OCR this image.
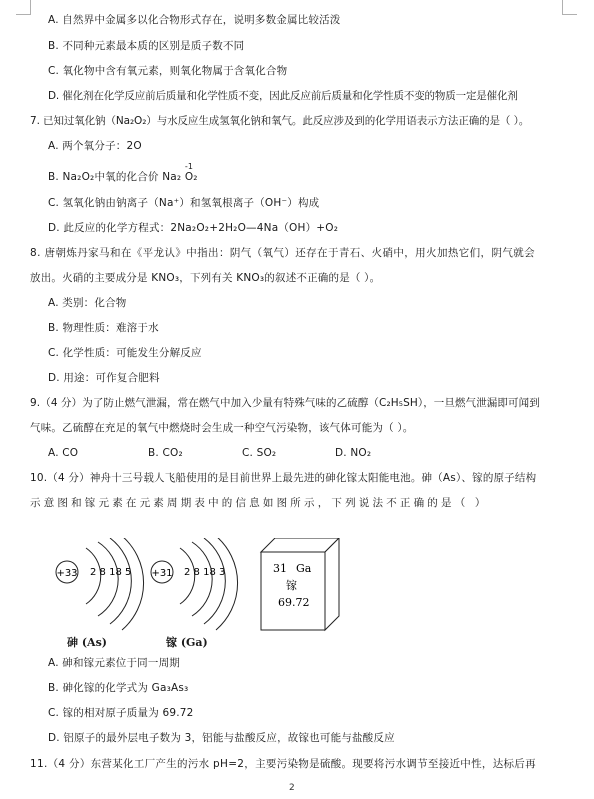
A. 自然界中金属多以化合物形式存在，说明多数金属比较活泼
B. 不同种元素最本质的区别是质子数不同
C. 氧化物中含有氧元素，则氧化物属于含氧化合物
D. 催化剂在化学反应前后质量和化学性质不变，因此反应前后质量和化学性质不变的物质一定是催化剂
7. 已知过氧化钠（Na₂O₂）与水反应生成氢氧化钠和氧气。此反应涉及到的化学用语表示方法正确的是（ ）。
A. 两个氧分子：2O
B. Na₂O₂中氧的化合价 Na₂
-1
O₂
C. 氢氧化钠由钠离子（Na⁺）和氢氧根离子（OH⁻）构成
D. 此反应的化学方程式：2Na₂O₂+2H₂O—4Na（OH）+O₂
8. 唐朝炼丹家马和在《平龙认》中指出：阴气（氧气）还存在于青石、火硝中，用火加热它们，阴气就会
放出。火硝的主要成分是 KNO₃，下列有关 KNO₃的叙述不正确的是（ ）。
A. 类别：化合物
B. 物理性质：难溶于水
C. 化学性质：可能发生分解反应
D. 用途：可作复合肥料
9.（4 分）为了防止燃气泄漏，常在燃气中加入少量有特殊气味的乙硫醇（C₂H₅SH），一旦燃气泄漏即可闻到
气味。乙硫醇在充足的氧气中燃烧时会生成一种空气污染物，该气体可能为（ ）。
A. CO	B. CO₂	C. SO₂	D. NO₂
10.（4 分）神舟十三号载人飞船使用的是目前世界上最先进的砷化镓太阳能电池。砷（As）、镓的原子结构
示意图和镓元素在元素周期表中的信息如图所示，下列说法不正确的是（ ）
+33 2 8 18 5 +31 2 8 18 3	31 Ga
镓
69.72
砷 (As)	镓 (Ga)
A. 砷和镓元素位于同一周期
B. 砷化镓的化学式为 Ga₃As₃
C. 镓的相对原子质量为 69.72
D. 铝原子的最外层电子数为 3，铝能与盐酸反应，故镓也可能与盐酸反应
11.（4 分）东营某化工厂产生的污水 pH=2，主要污染物是硫酸。现要将污水调节至接近中性，达标后再
2
